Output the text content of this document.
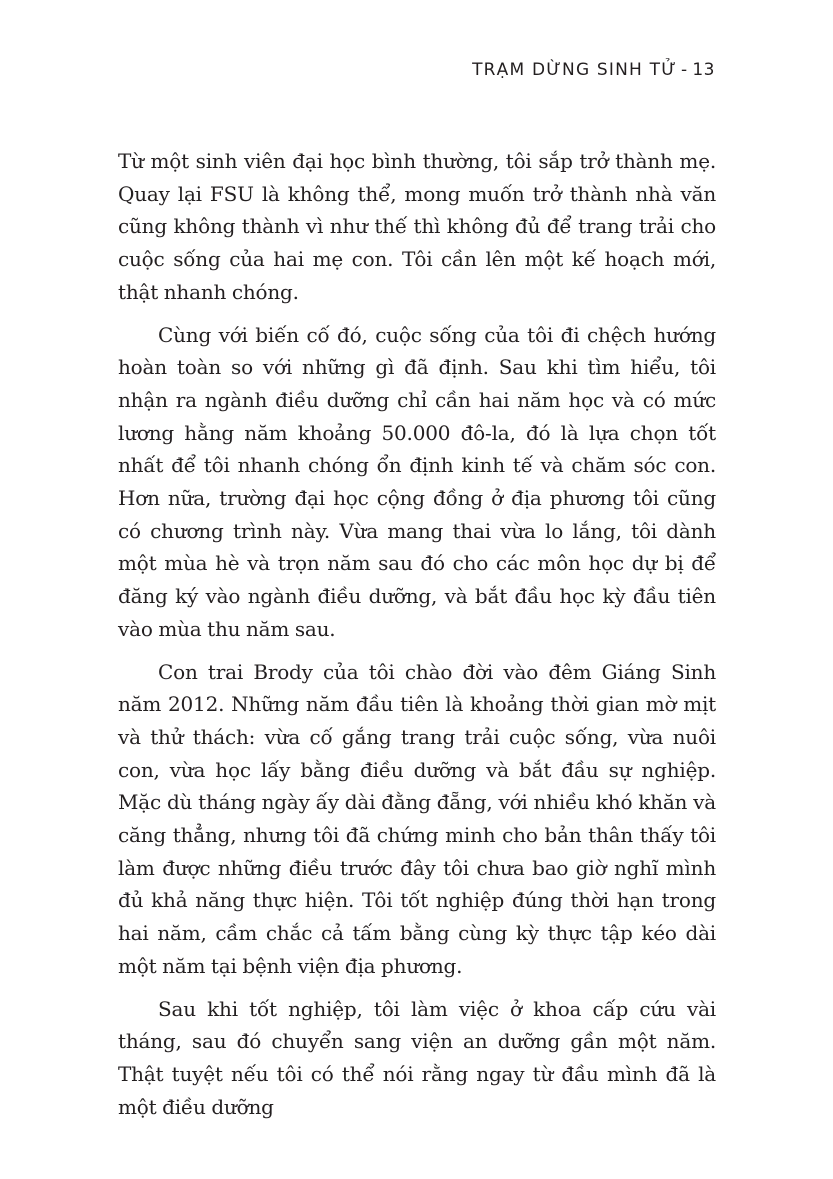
TRẠM DỪNG SINH TỬ - 13

Từ một sinh viên đại học bình thường, tôi sắp trở thành mẹ. Quay lại FSU là không thể, mong muốn trở thành nhà văn cũng không thành vì như thế thì không đủ để trang trải cho cuộc sống của hai mẹ con. Tôi cần lên một kế hoạch mới, thật nhanh chóng.

Cùng với biến cố đó, cuộc sống của tôi đi chệch hướng hoàn toàn so với những gì đã định. Sau khi tìm hiểu, tôi nhận ra ngành điều dưỡng chỉ cần hai năm học và có mức lương hằng năm khoảng 50.000 đô-la, đó là lựa chọn tốt nhất để tôi nhanh chóng ổn định kinh tế và chăm sóc con. Hơn nữa, trường đại học cộng đồng ở địa phương tôi cũng có chương trình này. Vừa mang thai vừa lo lắng, tôi dành một mùa hè và trọn năm sau đó cho các môn học dự bị để đăng ký vào ngành điều dưỡng, và bắt đầu học kỳ đầu tiên vào mùa thu năm sau.

Con trai Brody của tôi chào đời vào đêm Giáng Sinh năm 2012. Những năm đầu tiên là khoảng thời gian mờ mịt và thử thách: vừa cố gắng trang trải cuộc sống, vừa nuôi con, vừa học lấy bằng điều dưỡng và bắt đầu sự nghiệp. Mặc dù tháng ngày ấy dài đằng đẵng, với nhiều khó khăn và căng thẳng, nhưng tôi đã chứng minh cho bản thân thấy tôi làm được những điều trước đây tôi chưa bao giờ nghĩ mình đủ khả năng thực hiện. Tôi tốt nghiệp đúng thời hạn trong hai năm, cầm chắc cả tấm bằng cùng kỳ thực tập kéo dài một năm tại bệnh viện địa phương.

Sau khi tốt nghiệp, tôi làm việc ở khoa cấp cứu vài tháng, sau đó chuyển sang viện an dưỡng gần một năm. Thật tuyệt nếu tôi có thể nói rằng ngay từ đầu mình đã là một điều dưỡng
